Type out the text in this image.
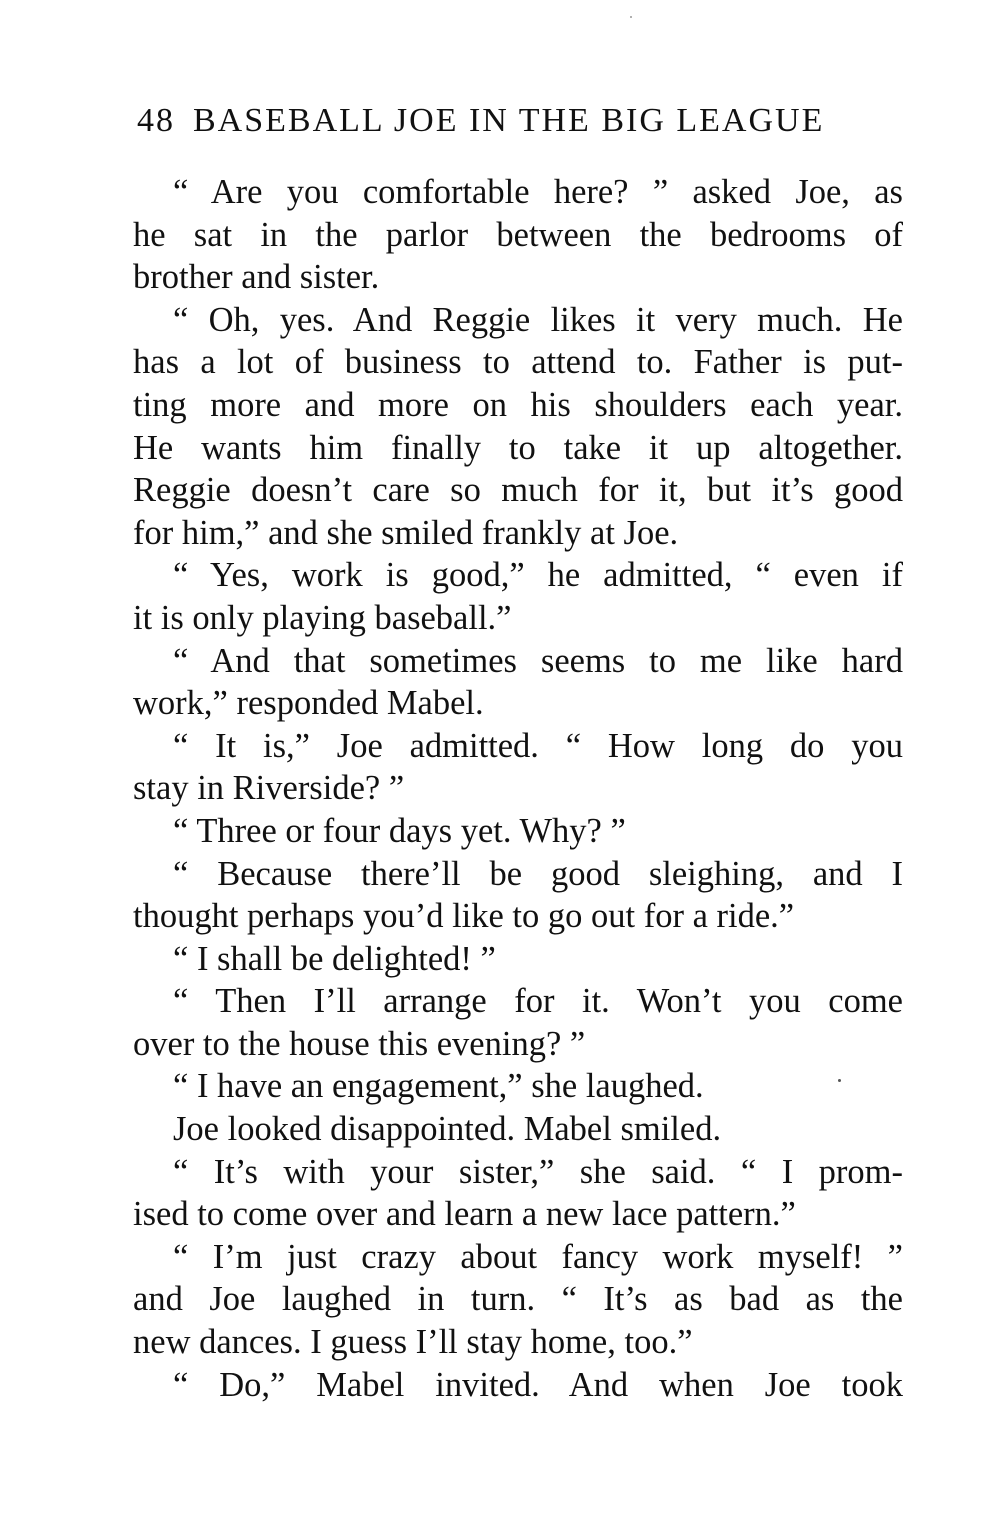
48 BASEBALL JOE IN THE BIG LEAGUE
“ Are you comfortable here? ” asked Joe, as
he sat in the parlor between the bedrooms of
brother and sister.
“ Oh, yes. And Reggie likes it very much. He
has a lot of business to attend to. Father is put-
ting more and more on his shoulders each year.
He wants him finally to take it up altogether.
Reggie doesn’t care so much for it, but it’s good
for him,” and she smiled frankly at Joe.
“ Yes, work is good,” he admitted, “ even if
it is only playing baseball.”
“ And that sometimes seems to me like hard
work,” responded Mabel.
“ It is,” Joe admitted. “ How long do you
stay in Riverside? ”
“ Three or four days yet. Why? ”
“ Because there’ll be good sleighing, and I
thought perhaps you’d like to go out for a ride.”
“ I shall be delighted! ”
“ Then I’ll arrange for it. Won’t you come
over to the house this evening? ”
“ I have an engagement,” she laughed.
Joe looked disappointed. Mabel smiled.
“ It’s with your sister,” she said. “ I prom-
ised to come over and learn a new lace pattern.”
“ I’m just crazy about fancy work myself! ”
and Joe laughed in turn. “ It’s as bad as the
new dances. I guess I’ll stay home, too.”
“ Do,” Mabel invited. And when Joe took
